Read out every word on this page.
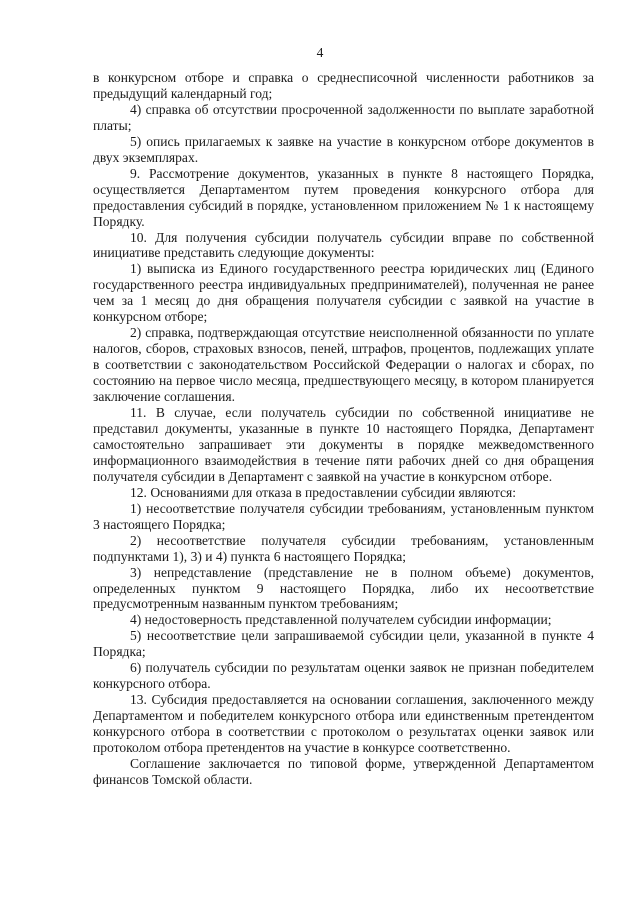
4

в конкурсном отборе и справка о среднесписочной численности работников за предыдущий календарный год;

4) справка об отсутствии просроченной задолженности по выплате заработной платы;

5) опись прилагаемых к заявке на участие в конкурсном отборе документов в двух экземплярах.

9. Рассмотрение документов, указанных в пункте 8 настоящего Порядка, осуществляется Департаментом путем проведения конкурсного отбора для предоставления субсидий в порядке, установленном приложением № 1 к настоящему Порядку.

10. Для получения субсидии получатель субсидии вправе по собственной инициативе представить следующие документы:

1) выписка из Единого государственного реестра юридических лиц (Единого государственного реестра индивидуальных предпринимателей), полученная не ранее чем за 1 месяц до дня обращения получателя субсидии с заявкой на участие в конкурсном отборе;

2) справка, подтверждающая отсутствие неисполненной обязанности по уплате налогов, сборов, страховых взносов, пеней, штрафов, процентов, подлежащих уплате в соответствии с законодательством Российской Федерации о налогах и сборах, по состоянию на первое число месяца, предшествующего месяцу, в котором планируется заключение соглашения.

11. В случае, если получатель субсидии по собственной инициативе не представил документы, указанные в пункте 10 настоящего Порядка, Департамент самостоятельно запрашивает эти документы в порядке межведомственного информационного взаимодействия в течение пяти рабочих дней со дня обращения получателя субсидии в Департамент с заявкой на участие в конкурсном отборе.

12. Основаниями для отказа в предоставлении субсидии являются:

1) несоответствие получателя субсидии требованиям, установленным пунктом 3 настоящего Порядка;

2) несоответствие получателя субсидии требованиям, установленным подпунктами 1), 3) и 4) пункта 6 настоящего Порядка;

3) непредставление (представление не в полном объеме) документов, определенных пунктом 9 настоящего Порядка, либо их несоответствие предусмотренным названным пунктом требованиям;

4) недостоверность представленной получателем субсидии информации;

5) несоответствие цели запрашиваемой субсидии цели, указанной в пункте 4 Порядка;

6) получатель субсидии по результатам оценки заявок не признан победителем конкурсного отбора.

13. Субсидия предоставляется на основании соглашения, заключенного между Департаментом и победителем конкурсного отбора или единственным претендентом конкурсного отбора в соответствии с протоколом о результатах оценки заявок или протоколом отбора претендентов на участие в конкурсе соответственно.

Соглашение заключается по типовой форме, утвержденной Департаментом финансов Томской области.
